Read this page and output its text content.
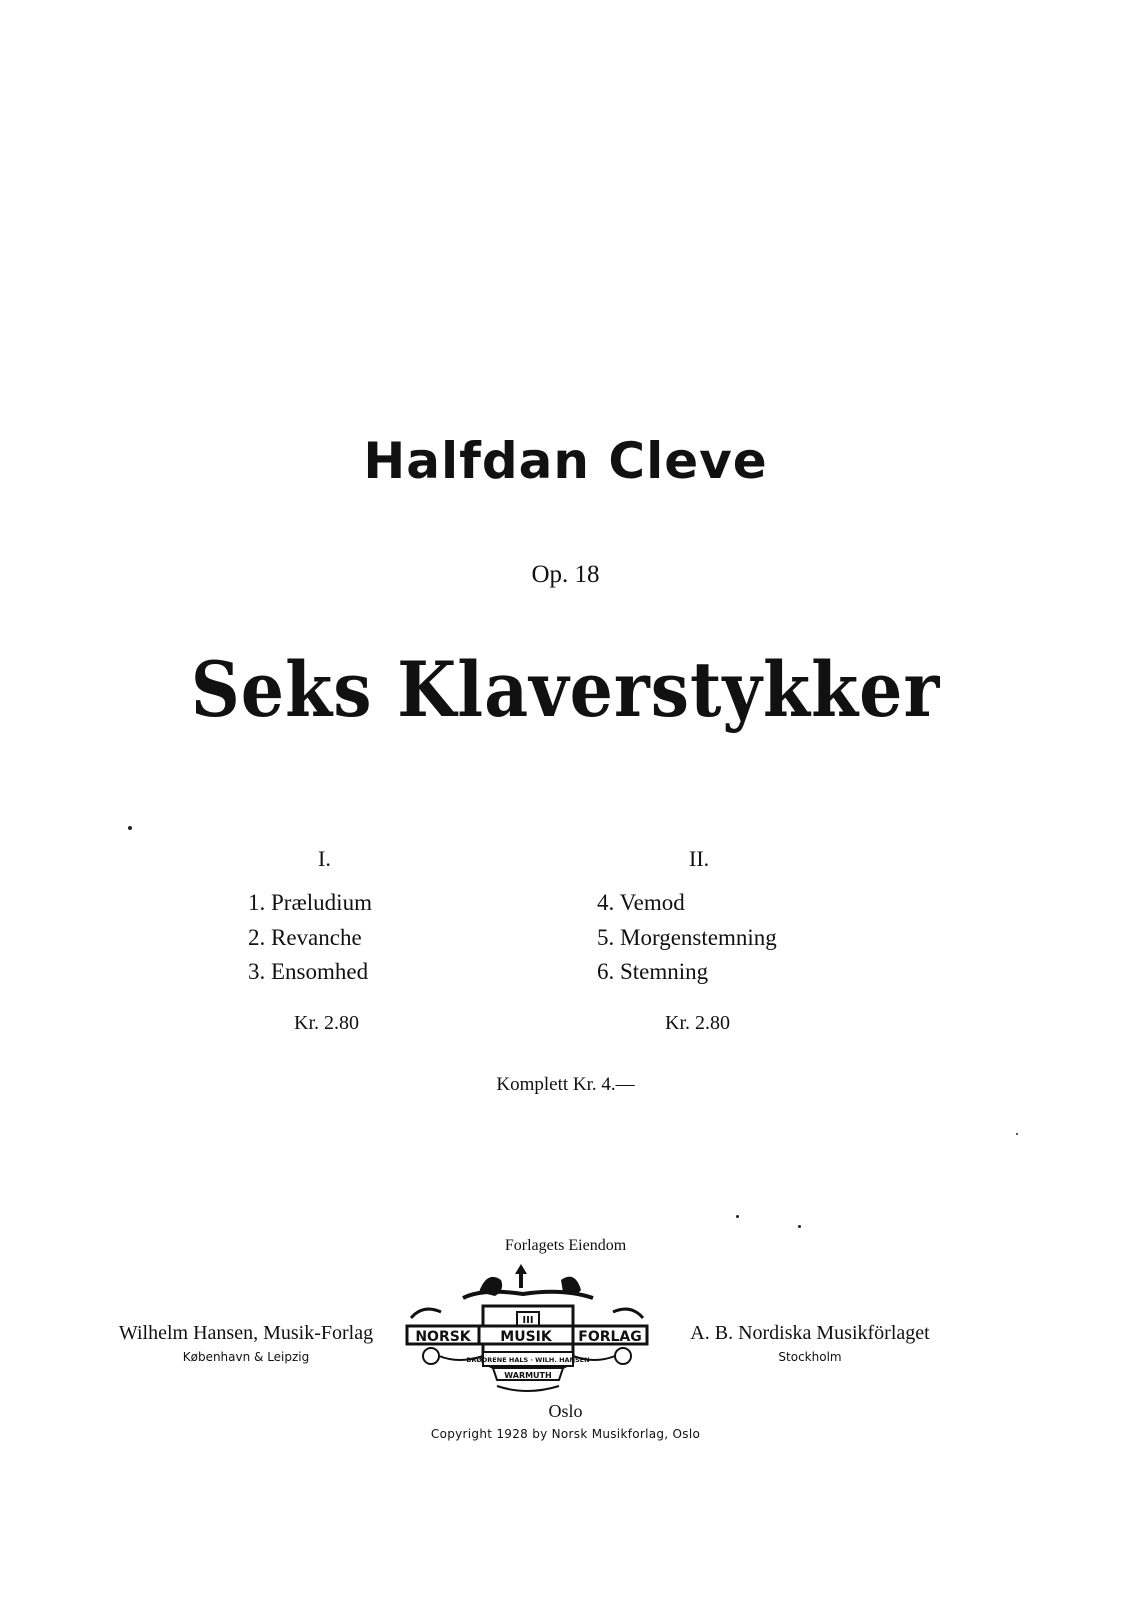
Halfdan Cleve
Op. 18
Seks Klaverstykker
I.
1. Præludium
2. Revanche
3. Ensomhed
Kr. 2.80
II.
4. Vemod
5. Morgenstemning
6. Stemning
Kr. 2.80
Komplett Kr. 4.—
Forlagets Eiendom
Wilhelm Hansen, Musik-Forlag
København & Leipzig
A. B. Nordiska Musikförlaget
Stockholm
III
NORSK MUSIK FORLAG
BRØDRENE HALS · WILH. HANSEN
WARMUTH
Oslo
Copyright 1928 by Norsk Musikforlag, Oslo
